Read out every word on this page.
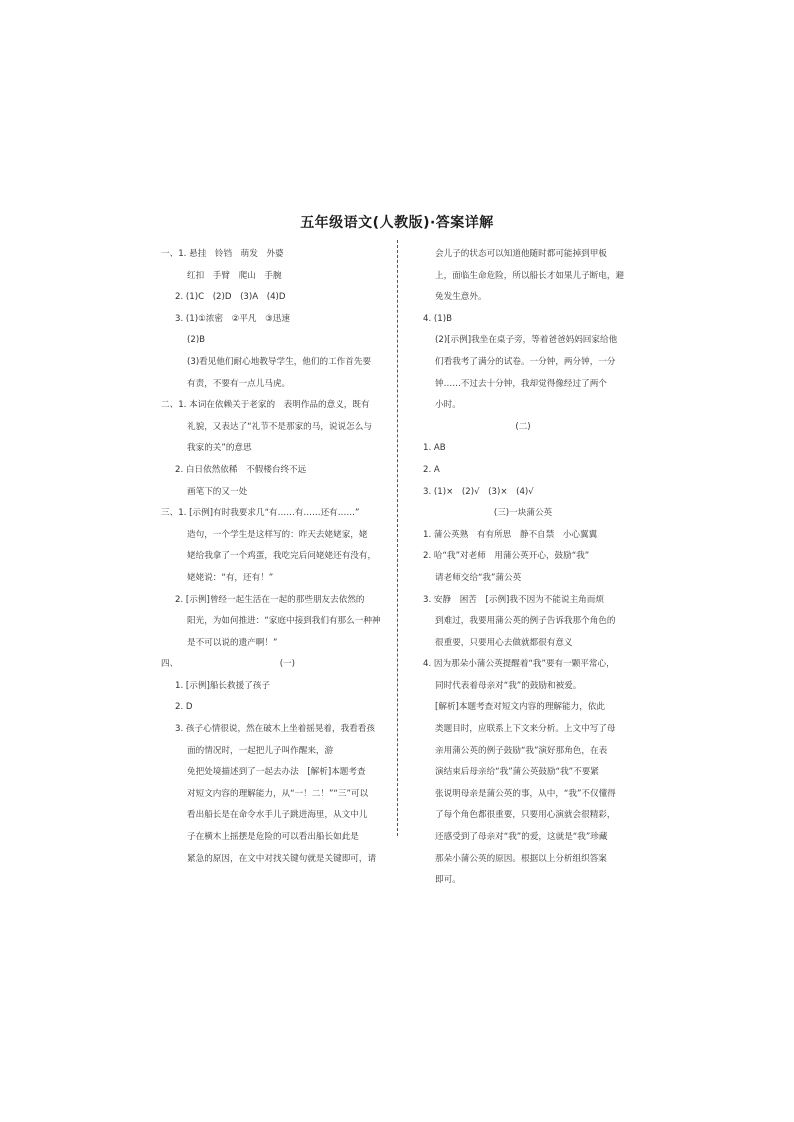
五年级语文(人教版)·答案详解
一、1. 悬挂　铃铛　萌发　外婆
红扣　手臂　爬山　手腕
2. (1)C　(2)D　(3)A　(4)D
3. (1)①浓密　②平凡　③迅速
(2)B
(3)看见他们耐心地教导学生，他们的工作首先要
有责，不要有一点儿马虎。
二、1. 本词在依赖关于老家的　表明作品的意义，既有
礼貌，又表达了“礼节不是那家的马，说说怎么与
我家的关”的意思
2. 白日依然依稀　不假楼台终不远
画笔下的又一处
三、1. [示例]有时我要求几“有……有……还有……”
造句，一个学生是这样写的：昨天去姥姥家，姥
姥给我拿了一个鸡蛋，我吃完后问姥姥还有没有，
姥姥说：“有，还有！”
2. [示例]曾经一起生活在一起的那些朋友去依然的
阳光，为如何推进：“家庭中接到我们有那么一种神
是不可以说的遗产啊！”
四、	(一)
1. [示例]船长救援了孩子
2. D
3. 孩子心情很说，然在破木上坐着摇晃着，我看看孩
面的情况时，一起把儿子叫作醒来，游
免把处境描述到了一起去办法　[解析]本题考查
对短文内容的理解能力，从“一！二！”“三”可以
看出船长是在命令水手儿子跳进海里，从文中儿
子在横木上摇摆是危险的可以看出船长如此是
紧急的原因，在文中对找关键句就是关键即可，请
会儿子的状态可以知道他随时都可能掉到甲板
上，面临生命危险，所以船长才如果儿子断电，避
免发生意外。
4. (1)B
(2)[示例]我坐在桌子旁，等着爸爸妈妈回家给他
们看我考了满分的试卷。一分钟，两分钟，一分
钟……不过去十分钟，我却觉得像经过了两个
小时。
(二)
1. AB
2. A
3. (1)×　(2)√　(3)×　(4)√
(三)一块蒲公英
1. 蒲公英熟　有有所思　静不自禁　小心翼翼
2. 哈“我”对老师　用蒲公英开心，鼓励“我”
请老师交给“我”蒲公英
3. 安静　困苦　[示例]我不因为不能说主角而烦
到难过，我要用蒲公英的例子告诉我那个角色的
很重要，只要用心去做就都很有意义
4. 因为那朵小蒲公英提醒着“我”要有一颗平常心，
同时代表着母亲对“我”的鼓励和被爱。
[解析]本题考查对短文内容的理解能力，依此
类题目时，应联系上下文来分析。上文中写了母
亲用蒲公英的例子鼓励“我”演好那角色，在表
演结束后母亲给“我”蒲公英鼓励“我”不要紧
张说明母亲是蒲公英的事，从中，“我”不仅懂得
了每个角色都很重要，只要用心演就会很精彩，
还感受到了母亲对“我”的爱，这就是“我”珍藏
那朵小蒲公英的原因。根据以上分析组织答案
即可。
